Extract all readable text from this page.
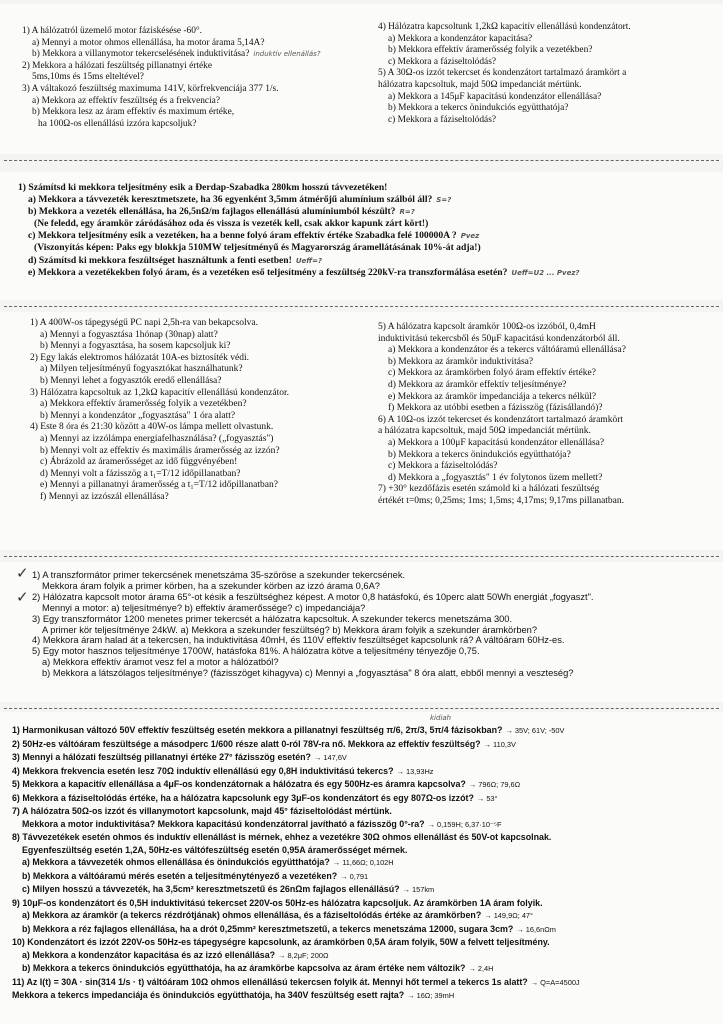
1) A hálózatról üzemelő motor fáziskésése -60°.
a) Mennyi a motor ohmos ellenállása, ha motor árama 5,14A?
b) Mekkora a villanymotor tekercselésének induktivitása? induktív ellenállás?
2) Mekkora a hálózati feszültség pillanatnyi értéke
5ms,10ms és 15ms elteltével?
3) A váltakozó feszültség maximuma 141V, körfrekvenciája 377 1/s.
a) Mekkora az effektív feszültség és a frekvencia?
b) Mekkora lesz az áram effektív és maximum értéke,
ha 100Ω-os ellenállású izzóra kapcsoljuk?
4) Hálózatra kapcsoltunk 1,2kΩ kapacitív ellenállású kondenzátort.
a) Mekkora a kondenzátor kapacitása?
b) Mekkora effektív áramerősség folyik a vezetékben?
c) Mekkora a fáziseltolódás?
5) A 30Ω-os izzót tekercset és kondenzátort tartalmazó áramkört a
hálózatra kapcsoltuk, majd 50Ω impedanciát mértünk.
a) Mekkora a 145μF kapacitású kondenzátor ellenállása?
b) Mekkora a tekercs önindukciós együtthatója?
c) Mekkora a fáziseltolódás?
1) Számítsd ki mekkora teljesítmény esik a Đerdap-Szabadka 280km hosszú távvezetéken!
a) Mekkora a távvezeték keresztmetszete, ha 36 egyenként 3,5mm átmérőjű alumínium szálból áll? S=?
b) Mekkora a vezeték ellenállása, ha 26,5nΩ/m fajlagos ellenállású alumíniumból készült? R=?
(Ne feledd, egy áramkör záródásához oda és vissza is vezeték kell, csak akkor kapunk zárt kört!)
c) Mekkora teljesítmény esik a vezetéken, ha a benne folyó áram effektív értéke Szabadka felé 100000A ? Pvez
(Viszonyítás képen: Paks egy blokkja 510MW teljesítményű és Magyarország áramellátásának 10%-át adja!)
d) Számítsd ki mekkora feszültséget használtunk a fenti esetben! Ueff=?
e) Mekkora a vezetékekben folyó áram, és a vezetéken eső teljesítmény a feszültség 220kV-ra transzformálása esetén? Ueff=U2 ... Pvez?
1) A 400W-os tápegységű PC napi 2,5h-ra van bekapcsolva.
a) Mennyi a fogyasztása 1hónap (30nap) alatt?
b) Mennyi a fogyasztása, ha sosem kapcsoljuk ki?
2) Egy lakás elektromos hálózatát 10A-es biztosíték védi.
a) Milyen teljesítményű fogyasztókat használhatunk?
b) Mennyi lehet a fogyasztók eredő ellenállása?
3) Hálózatra kapcsoltuk az 1,2kΩ kapacitív ellenállású kondenzátor.
a) Mekkora effektív áramerősség folyik a vezetékben?
b) Mennyi a kondenzátor „fogyasztása" 1 óra alatt?
4) Este 8 óra és 21:30 között a 40W-os lámpa mellett olvastunk.
a) Mennyi az izzólámpa energiafelhasználása? („fogyasztás")
b) Mennyi volt az effektív és maximális áramerősség az izzón?
c) Ábrázold az áramerősséget az idő függvényében!
d) Mennyi volt a fázisszög a t₁=T/12 időpillanatban?
e) Mennyi a pillanatnyi áramerősség a t₁=T/12 időpillanatban?
f) Mennyi az izzószál ellenállása?
5) A hálózatra kapcsolt áramkör 100Ω-os izzóból, 0,4mH
induktivitású tekercsből és 50μF kapacitású kondenzátorból áll.
a) Mekkora a kondenzátor és a tekercs váltóáramú ellenállása?
b) Mekkora az áramkör induktivitása?
c) Mekkora az áramkörben folyó áram effektív értéke?
d) Mekkora az áramkör effektív teljesítménye?
e) Mekkora az áramkör impedanciája a tekercs nélkül?
f) Mekkora az utóbbi esetben a fázisszög (fázisállandó)?
6) A 10Ω-os izzót tekercset és kondenzátort tartalmazó áramkört
a hálózatra kapcsoltuk, majd 50Ω impedanciát mértünk.
a) Mekkora a 100μF kapacitású kondenzátor ellenállása?
b) Mekkora a tekercs önindukciós együtthatója?
c) Mekkora a fáziseltolódás?
d) Mekkora a „fogyasztás" 1 év folytonos üzem mellett?
7) +30° kezdőfázis esetén számold ki a hálózati feszültség
értékét t=0ms; 0,25ms; 1ms; 1,5ms; 4,17ms; 9,17ms pillanatban.
✓
✓
1) A transzformátor primer tekercsének menetszáma 35-szöröse a szekunder tekercsének.
Mekkora áram folyik a primer körben, ha a szekunder körben az izzó árama 0,6A?
2) Hálózatra kapcsolt motor árama 65°-ot késik a feszültséghez képest. A motor 0,8 hatásfokú, és 10perc alatt 50Wh energiát „fogyaszt".
Mennyi a motor: a) teljesítménye? b) effektív áramerőssége? c) impedanciája?
3) Egy transzformátor 1200 menetes primer tekercsét a hálózatra kapcsoltuk. A szekunder tekercs menetszáma 300.
A primer kör teljesítménye 24kW. a) Mekkora a szekunder feszültség? b) Mekkora áram folyik a szekunder áramkörben?
4) Mekkora áram halad át a tekercsen, ha induktivitása 40mH, és 110V effektív feszültséget kapcsolunk rá? A váltóáram 60Hz-es.
5) Egy motor hasznos teljesítménye 1700W, hatásfoka 81%. A hálózatra kötve a teljesítmény tényezője 0,75.
a) Mekkora effektív áramot vesz fel a motor a hálózatból?
b) Mekkora a látszólagos teljesítménye? (fázisszöget kihagyva) c) Mennyi a „fogyasztása" 8 óra alatt, ebből mennyi a veszteség?
kidiah
1) Harmonikusan változó 50V effektív feszültség esetén mekkora a pillanatnyi feszültség π/6, 2π/3, 5π/4 fázisokban? → 35V; 61V; -50V
2) 50Hz-es váltóáram feszültsége a másodperc 1/600 része alatt 0-ról 78V-ra nő. Mekkora az effektív feszültség? → 110,3V
3) Mennyi a hálózati feszültség pillanatnyi értéke 27° fázisszög esetén? → 147,6V
4) Mekkora frekvencia esetén lesz 70Ω induktív ellenállású egy 0,8H induktivitású tekercs? → 13,93Hz
5) Mekkora a kapacitív ellenállása a 4μF-os kondenzátornak a hálózatra és egy 500Hz-es áramra kapcsolva? → 796Ω; 79,6Ω
6) Mekkora a fáziseltolódás értéke, ha a hálózatra kapcsolunk egy 3μF-os kondenzátort és egy 807Ω-os izzót? → 53°
7) A hálózatra 50Ω-os izzót és villanymotort kapcsolunk, majd 45° fáziseltolódást mértünk.
Mekkora a motor induktivitása? Mekkora kapacitású kondenzátorral javítható a fázisszög 0°-ra? → 0,159H; 6,37·10⁻⁵F
8) Távvezetékek esetén ohmos és induktív ellenállást is mérnek, ehhez a vezetékre 30Ω ohmos ellenállást és 50V-ot kapcsolnak.
Egyenfeszültség esetén 1,2A, 50Hz-es váltófeszültség esetén 0,95A áramerősséget mérnek.
a) Mekkora a távvezeték ohmos ellenállása és önindukciós együtthatója? → 11,66Ω; 0,102H
b) Mekkora a váltóáramú mérés esetén a teljesítménytényező a vezetéken? → 0,791
c) Milyen hosszú a távvezeték, ha 3,5cm² keresztmetszetű és 26nΩm fajlagos ellenállású? → 157km
9) 10μF-os kondenzátort és 0,5H induktivitású tekercset 220V-os 50Hz-es hálózatra kapcsoljuk. Az áramkörben 1A áram folyik.
a) Mekkora az áramkör (a tekercs rézdrótjának) ohmos ellenállása, és a fáziseltolódás értéke az áramkörben? → 149,9Ω; 47°
b) Mekkora a réz fajlagos ellenállása, ha a drót 0,25mm² keresztmetszetű, a tekercs menetszáma 12000, sugara 3cm? → 16,6nΩm
10) Kondenzátort és izzót 220V-os 50Hz-es tápegységre kapcsolunk, az áramkörben 0,5A áram folyik, 50W a felvett teljesítmény.
a) Mekkora a kondenzátor kapacitása és az izzó ellenállása? → 8,2μF; 200Ω
b) Mekkora a tekercs önindukciós együtthatója, ha az áramkörbe kapcsolva az áram értéke nem változik? → 2,4H
11) Az I(t) = 30A · sin(314 1/s · t) váltóáram 10Ω ohmos ellenállású tekercsen folyik át. Mennyi hőt termel a tekercs 1s alatt? → Q=A=4500J
Mekkora a tekercs impedanciája és önindukciós együtthatója, ha 340V feszültség esett rajta? → 16Ω; 39mH
